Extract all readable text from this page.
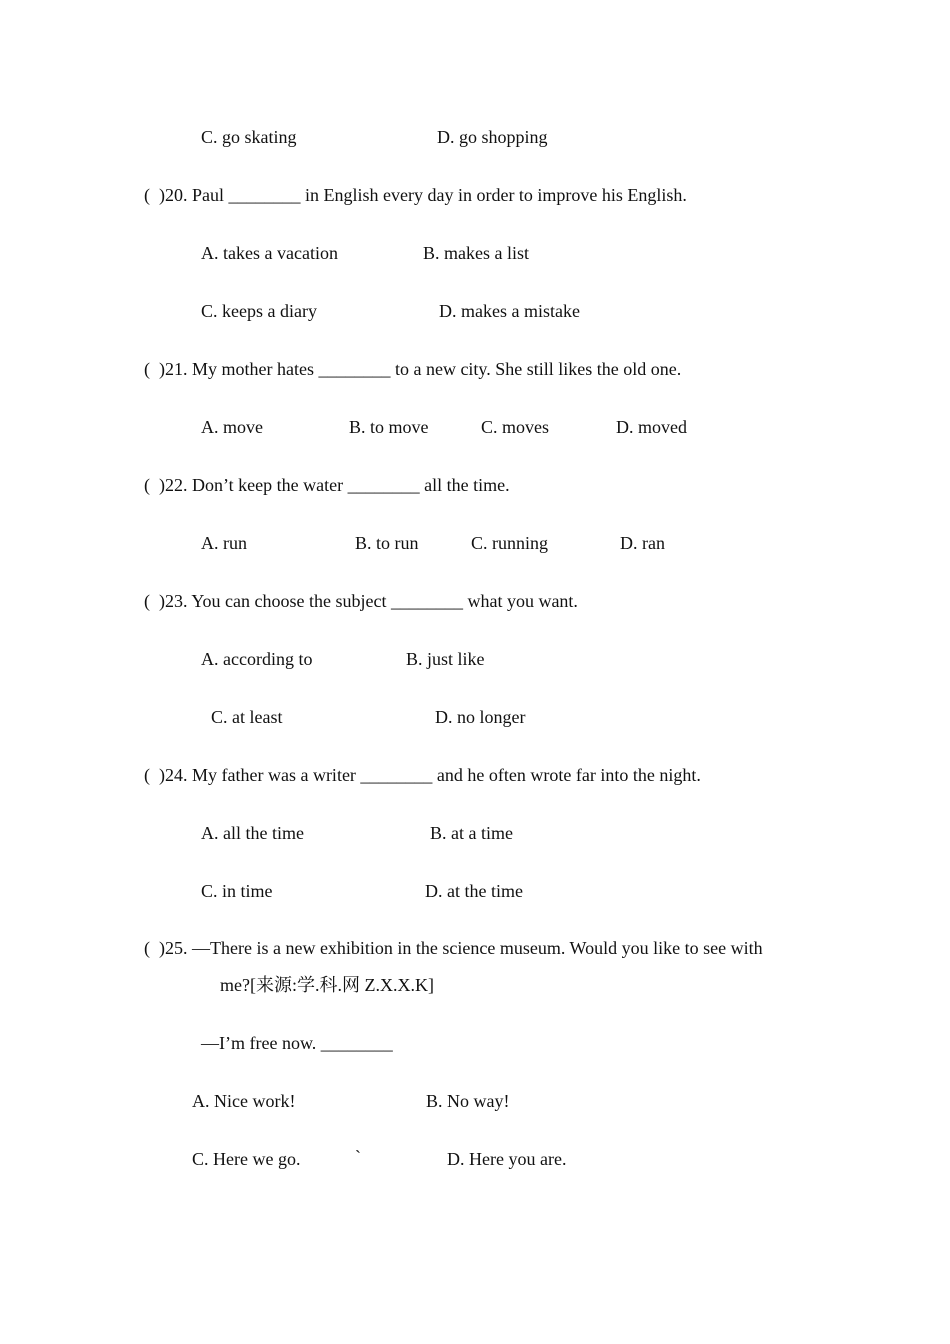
C. go skating	D. go shopping
(  )20. Paul ________ in English every day in order to improve his English.
A. takes a vacation	B. makes a list
C. keeps a diary	D. makes a mistake
(  )21. My mother hates ________ to a new city. She still likes the old one.
A. move	B. to move	C. moves	D. moved
(  )22. Don’t keep the water ________ all the time.
A. run	B. to run	C. running	D. ran
(  )23. You can choose the subject ________ what you want.
A. according to	B. just like
C. at least	D. no longer
(  )24. My father was a writer ________ and he often wrote far into the night.
A. all the time	B. at a time
C. in time	D. at the time
(  )25. —There is a new exhibition in the science museum. Would you like to see with
me?[来源:学.科.网 Z.X.X.K]
—I’m free now. ________
A. Nice work!	B. No way!
C. Here we go.	`	D. Here you are.
